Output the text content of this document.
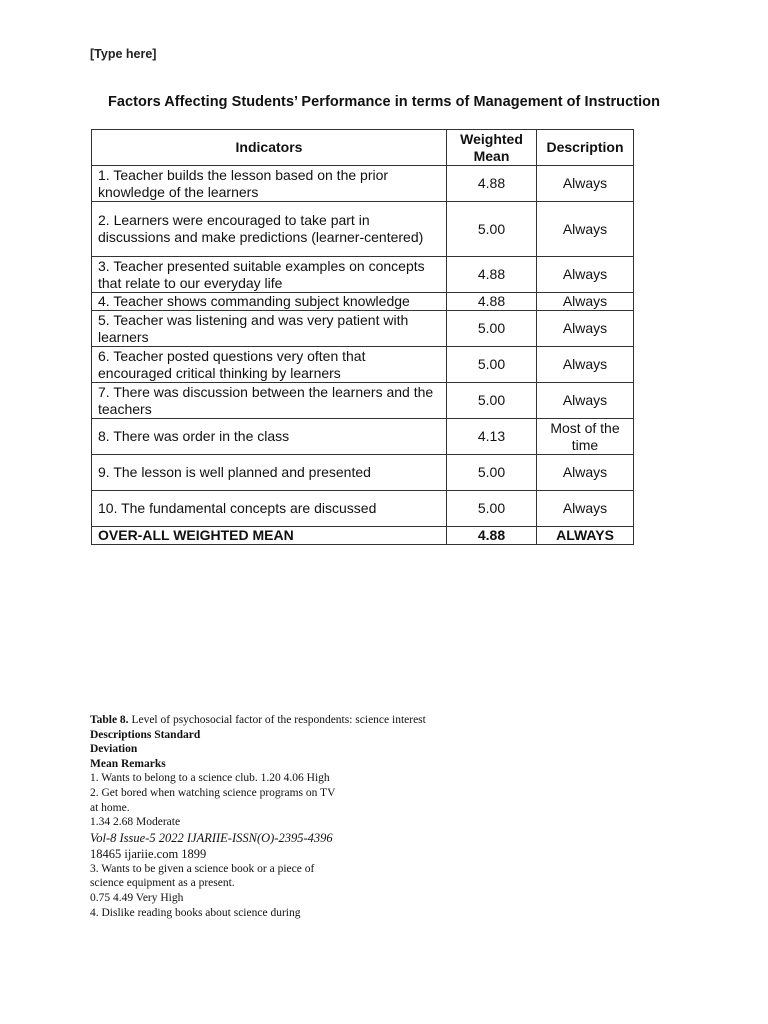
[Type here]
Factors Affecting Students’ Performance in terms of Management of Instruction
Indicators	Weighted Mean	Description
1. Teacher builds the lesson based on the prior knowledge of the learners	4.88	Always
2. Learners were encouraged to take part in discussions and make predictions (learner-centered)	5.00	Always
3. Teacher presented suitable examples on concepts that relate to our everyday life	4.88	Always
4. Teacher shows commanding subject knowledge	4.88	Always
5. Teacher was listening and was very patient with learners	5.00	Always
6. Teacher posted questions very often that encouraged critical thinking by learners	5.00	Always
7. There was discussion between the learners and the teachers	5.00	Always
8. There was order in the class	4.13	Most of the time
9. The lesson is well planned and presented	5.00	Always
10. The fundamental concepts are discussed	5.00	Always
OVER-ALL WEIGHTED MEAN	4.88	ALWAYS
Table 8. Level of psychosocial factor of the respondents: science interest
Descriptions Standard
Deviation
Mean Remarks
1. Wants to belong to a science club. 1.20 4.06 High
2. Get bored when watching science programs on TV
at home.
1.34 2.68 Moderate
Vol-8 Issue-5 2022 IJARIIE-ISSN(O)-2395-4396
18465 ijariie.com 1899
3. Wants to be given a science book or a piece of
science equipment as a present.
0.75 4.49 Very High
4. Dislike reading books about science during
